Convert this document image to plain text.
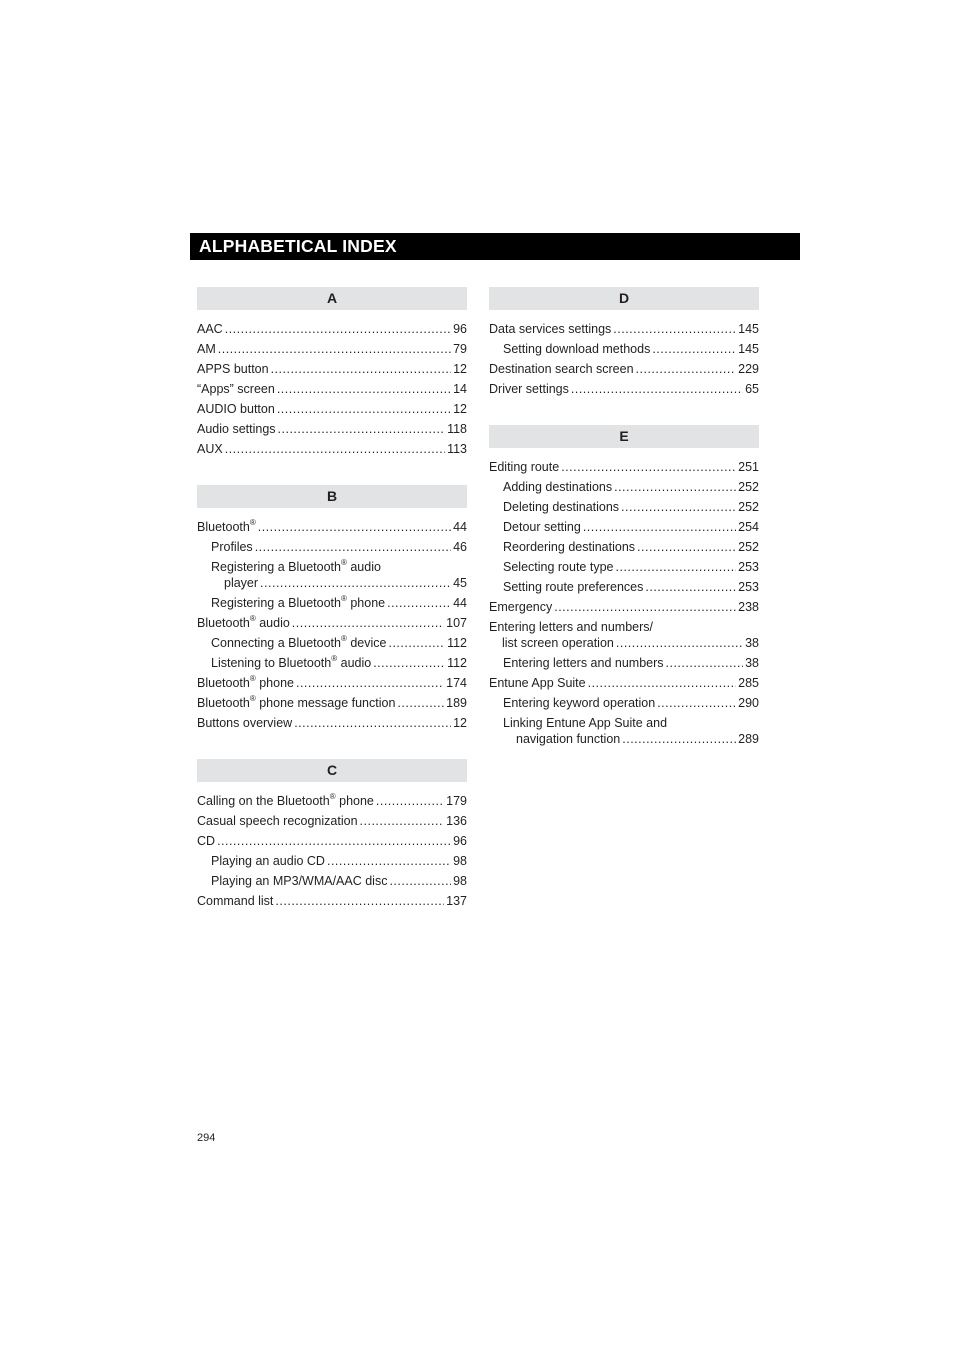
ALPHABETICAL INDEX
A
AAC .....	96
AM .....	79
APPS button .....	12
“Apps” screen .....	14
AUDIO button .....	12
Audio settings .....	118
AUX .....	113
B
Bluetooth® .....	44
Profiles .....	46
Registering a Bluetooth® audio
player .....	45
Registering a Bluetooth® phone .....	44
Bluetooth® audio .....	107
Connecting a Bluetooth® device .....	112
Listening to Bluetooth® audio .....	112
Bluetooth® phone .....	174
Bluetooth® phone message function .....	189
Buttons overview .....	12
C
Calling on the Bluetooth® phone .....	179
Casual speech recognization .....	136
CD .....	96
Playing an audio CD .....	98
Playing an MP3/WMA/AAC disc .....	98
Command list .....	137
D
Data services settings .....	145
Setting download methods .....	145
Destination search screen .....	229
Driver settings .....	65
E
Editing route .....	251
Adding destinations .....	252
Deleting destinations .....	252
Detour setting .....	254
Reordering destinations .....	252
Selecting route type .....	253
Setting route preferences .....	253
Emergency .....	238
Entering letters and numbers/
list screen operation .....	38
Entering letters and numbers .....	38
Entune App Suite .....	285
Entering keyword operation .....	290
Linking Entune App Suite and
navigation function .....	289
294
